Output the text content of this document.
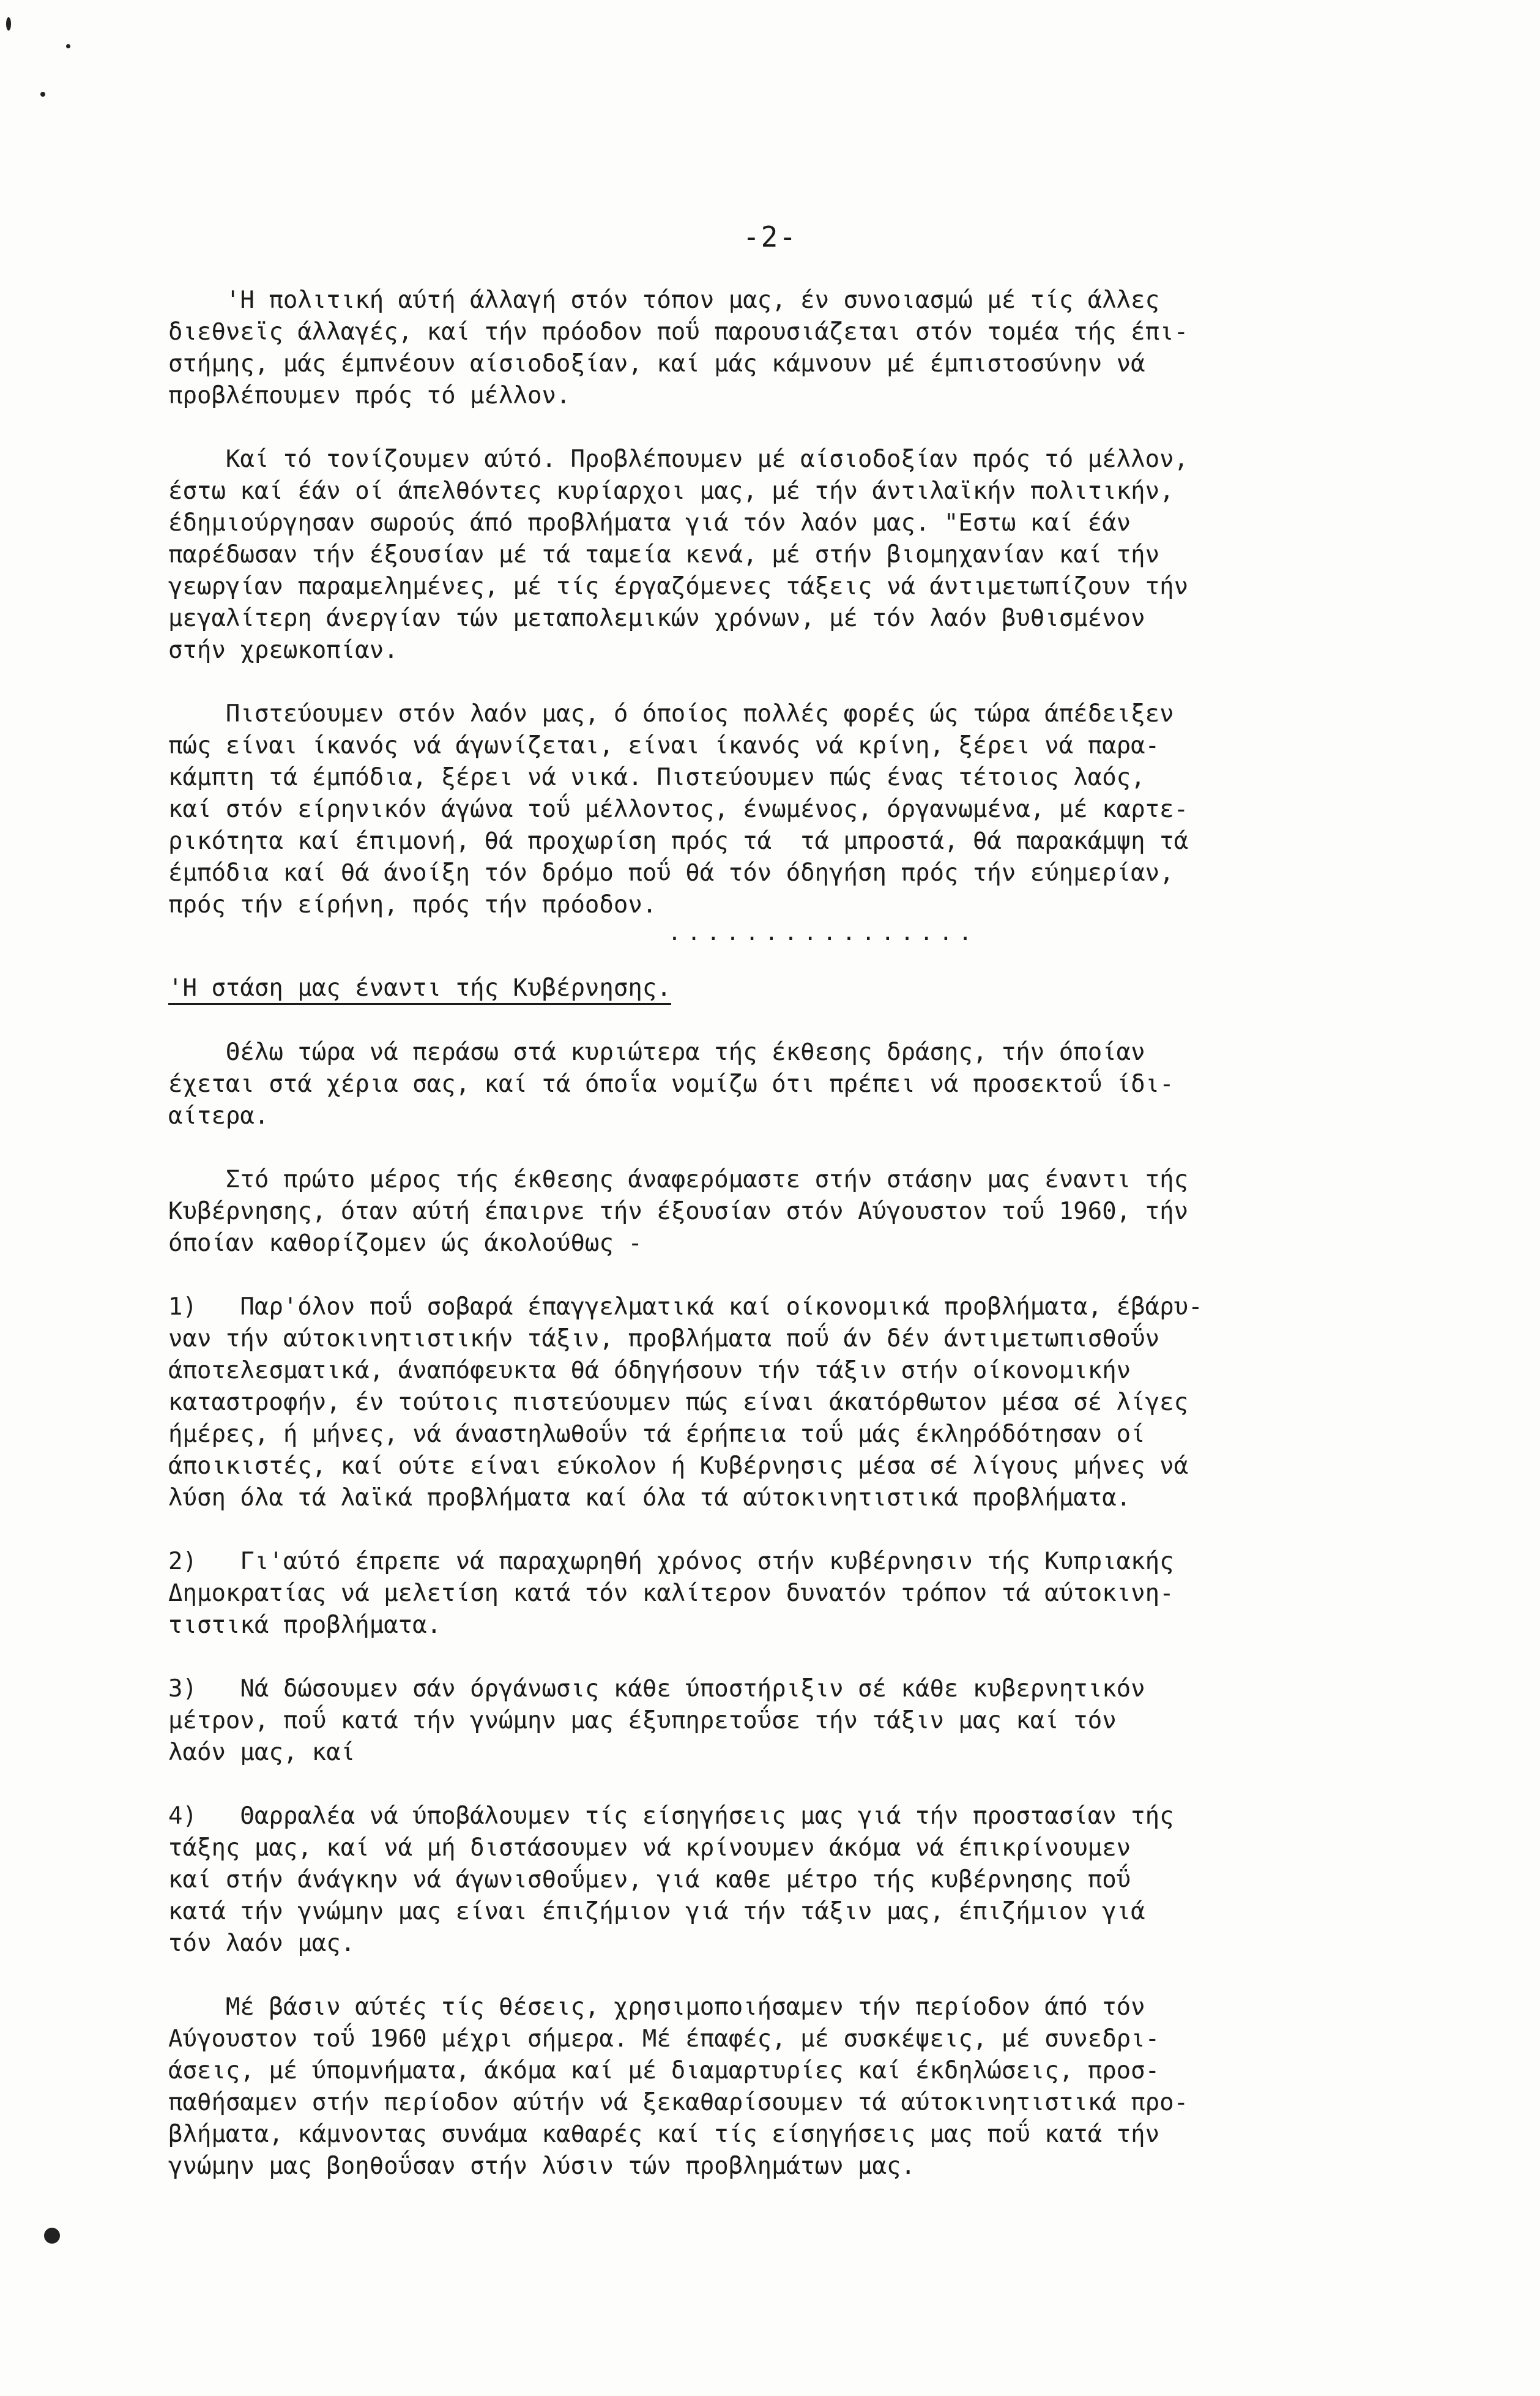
-2-
'Η πολιτική αύτή άλλαγή στόν τόπον μας, έν συνοιασμώ μέ τίς άλλες
διεθνεϊς άλλαγές, καί τήν πρόοδον ποΰ παρουσιάζεται στόν τομέα τής έπι-
στήμης, μάς έμπνέουν αίσιοδοξίαν, καί μάς κάμνουν μέ έμπιστοσύνην νά
προβλέπουμεν πρός τό μέλλον.
Καί τό τονίζουμεν αύτό. Προβλέπουμεν μέ αίσιοδοξίαν πρός τό μέλλον,
έστω καί έάν οί άπελθόντες κυρίαρχοι μας, μέ τήν άντιλαϊκήν πολιτικήν,
έδημιούργησαν σωρούς άπό προβλήματα γιά τόν λαόν μας. "Εστω καί έάν
παρέδωσαν τήν έξουσίαν μέ τά ταμεία κενά, μέ στήν βιομηχανίαν καί τήν
γεωργίαν παραμελημένες, μέ τίς έργαζόμενες τάξεις νά άντιμετωπίζουν τήν
μεγαλίτερη άνεργίαν τών μεταπολεμικών χρόνων, μέ τόν λαόν βυθισμένον
στήν χρεωκοπίαν.
Πιστεύουμεν στόν λαόν μας, ό όποίος πολλές φορές ώς τώρα άπέδειξεν
πώς είναι ίκανός νά άγωνίζεται, είναι ίκανός νά κρίνη, ξέρει νά παρα-
κάμπτη τά έμπόδια, ξέρει νά νικά. Πιστεύουμεν πώς ένας τέτοιος λαός,
καί στόν είρηνικόν άγώνα τοΰ μέλλοντος, ένωμένος, όργανωμένα, μέ καρτε-
ρικότητα καί έπιμονή, θά προχωρίση πρός τά  τά μπροστά, θά παρακάμψη τά
έμπόδια καί θά άνοίξη τόν δρόμο ποΰ θά τόν όδηγήση πρός τήν εύημερίαν,
πρός τήν είρήνη, πρός τήν πρόοδον.
................
'Η στάση μας έναντι τής Κυβέρνησης.
Θέλω τώρα νά περάσω στά κυριώτερα τής έκθεσης δράσης, τήν όποίαν
έχεται στά χέρια σας, καί τά όποΐα νομίζω ότι πρέπει νά προσεκτοΰ ίδι-
αίτερα.
Στό πρώτο μέρος τής έκθεσης άναφερόμαστε στήν στάσην μας έναντι τής
Κυβέρνησης, όταν αύτή έπαιρνε τήν έξουσίαν στόν Αύγουστον τοΰ 1960, τήν
όποίαν καθορίζομεν ώς άκολούθως -
1)   Παρ'όλον ποΰ σοβαρά έπαγγελματικά καί οίκονομικά προβλήματα, έβάρυ-
ναν τήν αύτοκινητιστικήν τάξιν, προβλήματα ποΰ άν δέν άντιμετωπισθοΰν
άποτελεσματικά, άναπόφευκτα θά όδηγήσουν τήν τάξιν στήν οίκονομικήν
καταστροφήν, έν τούτοις πιστεύουμεν πώς είναι άκατόρθωτον μέσα σέ λίγες
ήμέρες, ή μήνες, νά άναστηλωθοΰν τά έρήπεια τοΰ μάς έκληρόδότησαν οί
άποικιστές, καί ούτε είναι εύκολον ή Κυβέρνησις μέσα σέ λίγους μήνες νά
λύση όλα τά λαϊκά προβλήματα καί όλα τά αύτοκινητιστικά προβλήματα.
2)   Γι'αύτό έπρεπε νά παραχωρηθή χρόνος στήν κυβέρνησιν τής Κυπριακής
Δημοκρατίας νά μελετίση κατά τόν καλίτερον δυνατόν τρόπον τά αύτοκινη-
τιστικά προβλήματα.
3)   Νά δώσουμεν σάν όργάνωσις κάθε ύποστήριξιν σέ κάθε κυβερνητικόν
μέτρον, ποΰ κατά τήν γνώμην μας έξυπηρετοΰσε τήν τάξιν μας καί τόν
λαόν μας, καί
4)   Θαρραλέα νά ύποβάλουμεν τίς είσηγήσεις μας γιά τήν προστασίαν τής
τάξης μας, καί νά μή διστάσουμεν νά κρίνουμεν άκόμα νά έπικρίνουμεν
καί στήν άνάγκην νά άγωνισθοΰμεν, γιά καθε μέτρο τής κυβέρνησης ποΰ
κατά τήν γνώμην μας είναι έπιζήμιον γιά τήν τάξιν μας, έπιζήμιον γιά
τόν λαόν μας.
Μέ βάσιν αύτές τίς θέσεις, χρησιμοποιήσαμεν τήν περίοδον άπό τόν
Αύγουστον τοΰ 1960 μέχρι σήμερα. Μέ έπαφές, μέ συσκέψεις, μέ συνεδρι-
άσεις, μέ ύπομνήματα, άκόμα καί μέ διαμαρτυρίες καί έκδηλώσεις, προσ-
παθήσαμεν στήν περίοδον αύτήν νά ξεκαθαρίσουμεν τά αύτοκινητιστικά προ-
βλήματα, κάμνοντας συνάμα καθαρές καί τίς είσηγήσεις μας ποΰ κατά τήν
γνώμην μας βοηθοΰσαν στήν λύσιν τών προβλημάτων μας.
